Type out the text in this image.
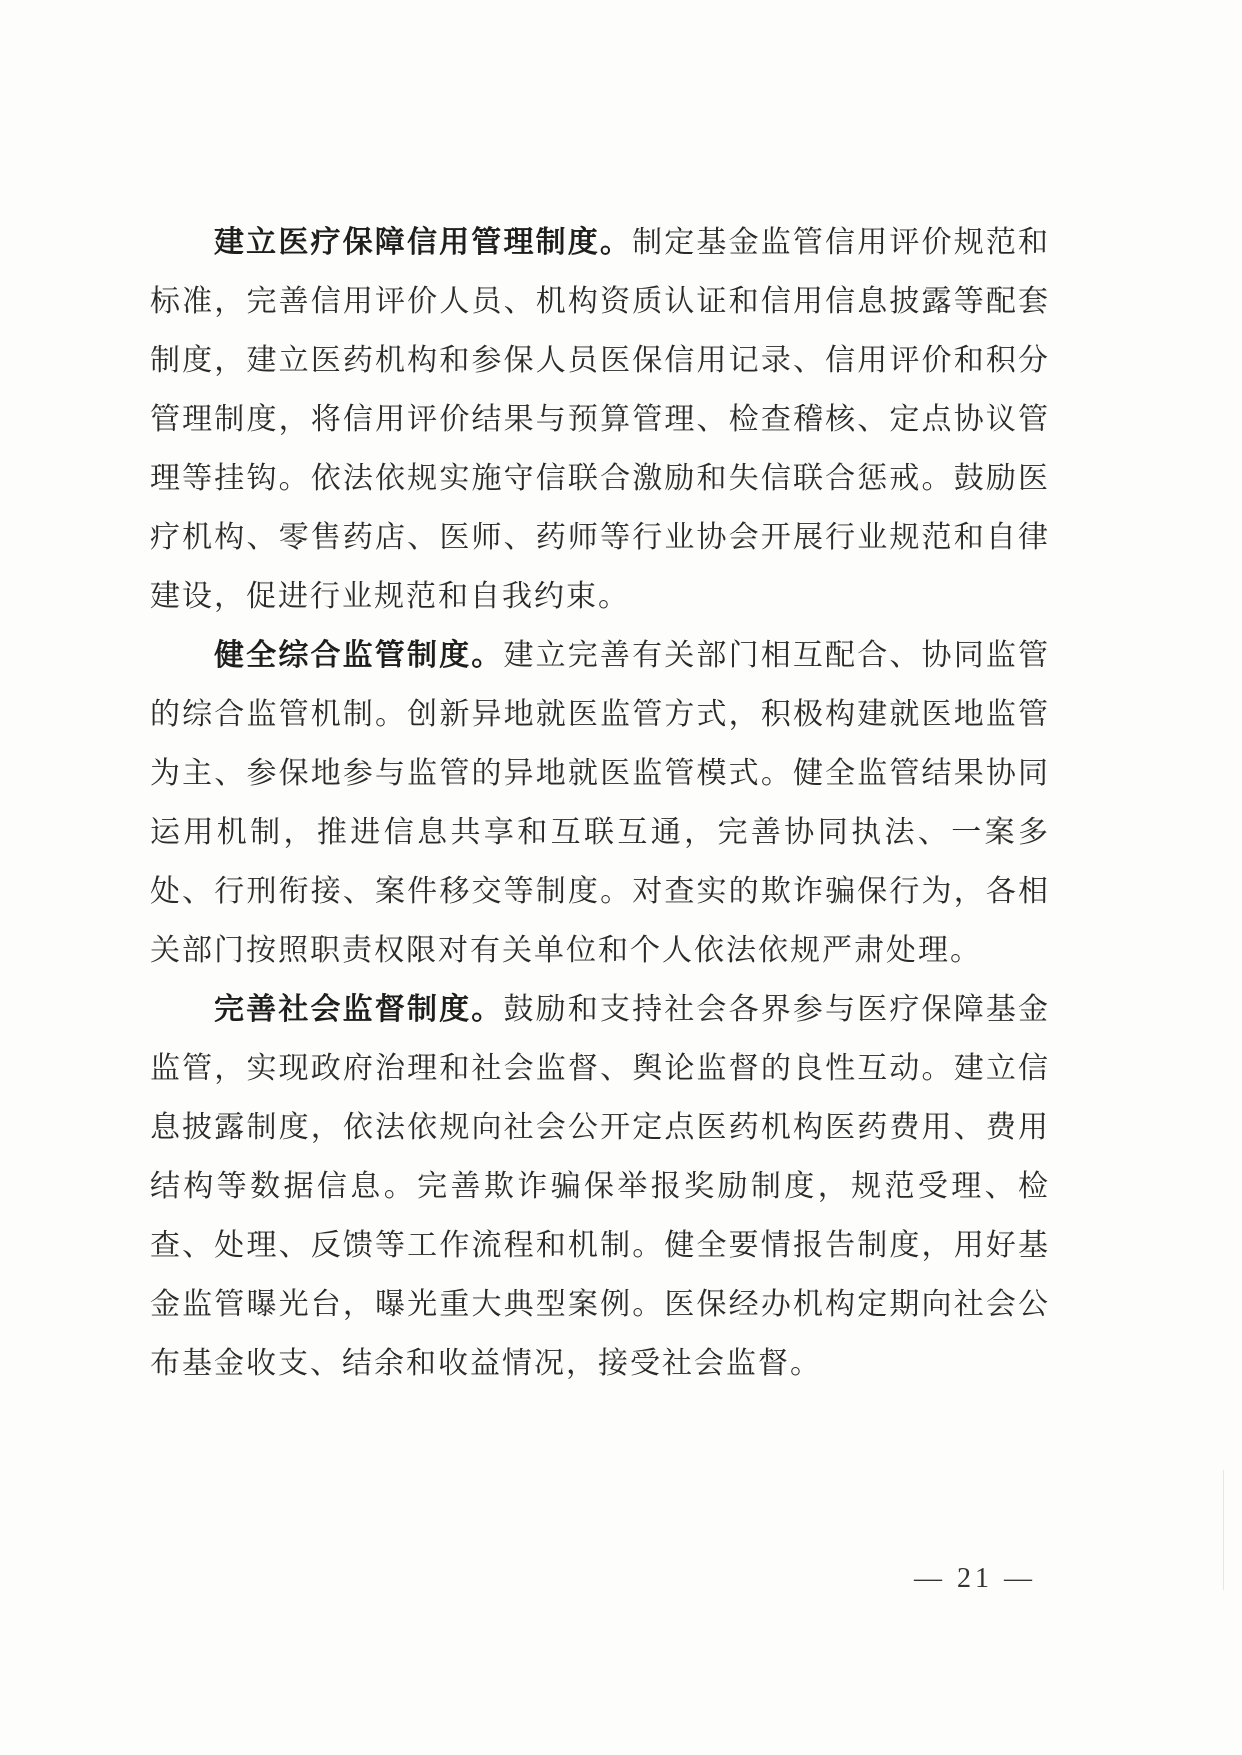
建立医疗保障信用管理制度。制定基金监管信用评价规范和标准，完善信用评价人员、机构资质认证和信用信息披露等配套制度，建立医药机构和参保人员医保信用记录、信用评价和积分管理制度，将信用评价结果与预算管理、检查稽核、定点协议管理等挂钩。依法依规实施守信联合激励和失信联合惩戒。鼓励医疗机构、零售药店、医师、药师等行业协会开展行业规范和自律建设，促进行业规范和自我约束。

健全综合监管制度。建立完善有关部门相互配合、协同监管的综合监管机制。创新异地就医监管方式，积极构建就医地监管为主、参保地参与监管的异地就医监管模式。健全监管结果协同运用机制，推进信息共享和互联互通，完善协同执法、一案多处、行刑衔接、案件移交等制度。对查实的欺诈骗保行为，各相关部门按照职责权限对有关单位和个人依法依规严肃处理。

完善社会监督制度。鼓励和支持社会各界参与医疗保障基金监管，实现政府治理和社会监督、舆论监督的良性互动。建立信息披露制度，依法依规向社会公开定点医药机构医药费用、费用结构等数据信息。完善欺诈骗保举报奖励制度，规范受理、检查、处理、反馈等工作流程和机制。健全要情报告制度，用好基金监管曝光台，曝光重大典型案例。医保经办机构定期向社会公布基金收支、结余和收益情况，接受社会监督。

— 21 —
